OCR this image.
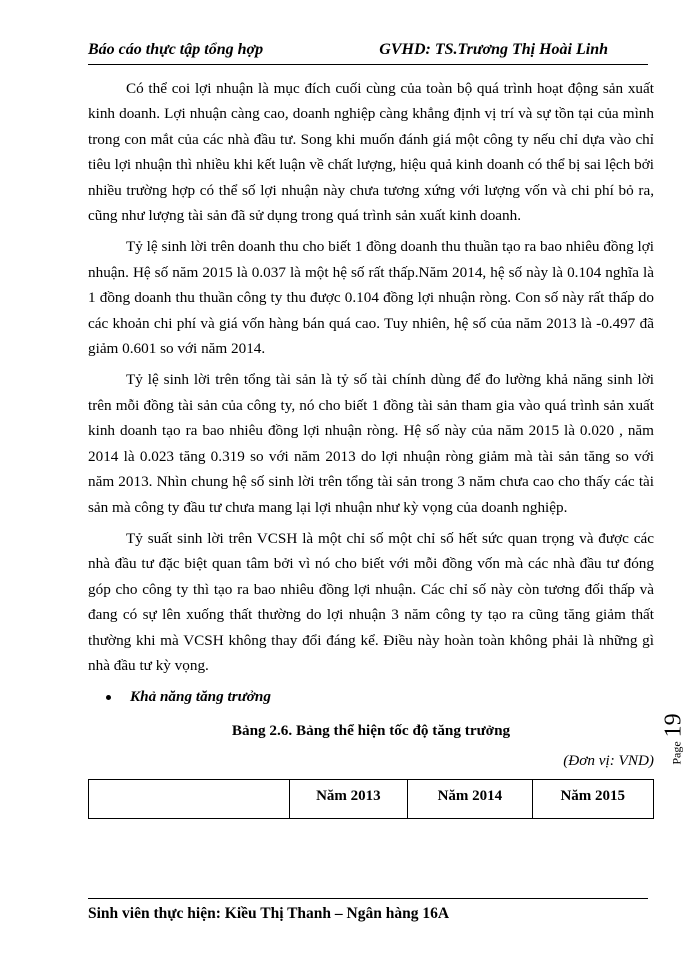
Báo cáo thực tập tổng hợp	GVHD: TS.Trương Thị Hoài Linh

Có thể coi lợi nhuận là mục đích cuối cùng của toàn bộ quá trình hoạt động sản xuất kinh doanh. Lợi nhuận càng cao, doanh nghiệp càng khẳng định vị trí và sự tồn tại của mình trong con mắt của các nhà đầu tư. Song khi muốn đánh giá một công ty nếu chỉ dựa vào chỉ tiêu lợi nhuận thì nhiều khi kết luận về chất lượng, hiệu quả kinh doanh có thể bị sai lệch bởi nhiều trường hợp có thể số lợi nhuận này chưa tương xứng với lượng vốn và chi phí bỏ ra, cũng như lượng tài sản đã sử dụng trong quá trình sản xuất kinh doanh.

Tỷ lệ sinh lời trên doanh thu cho biết 1 đồng doanh thu thuần tạo ra bao nhiêu đồng lợi nhuận. Hệ số năm 2015 là 0.037 là một hệ số rất thấp.Năm 2014, hệ số này là 0.104 nghĩa là 1 đồng doanh thu thuần công ty thu được 0.104 đồng lợi nhuận ròng. Con số này rất thấp do các khoản chi phí và giá vốn hàng bán quá cao. Tuy nhiên, hệ số của năm 2013 là -0.497 đã giảm 0.601 so với năm 2014.

Tỷ lệ sinh lời trên tổng tài sản là tỷ số tài chính dùng để đo lường khả năng sinh lời trên mỗi đồng tài sản của công ty, nó cho biết 1 đồng tài sản tham gia vào quá trình sản xuất kinh doanh tạo ra bao nhiêu đồng lợi nhuận ròng. Hệ số này của năm 2015 là 0.020 , năm 2014 là 0.023 tăng 0.319 so với năm 2013 do lợi nhuận ròng giảm mà tài sản tăng so với năm 2013. Nhìn chung hệ số sinh lời trên tổng tài sản trong 3 năm chưa cao cho thấy các tài sản mà công ty đầu tư chưa mang lại lợi nhuận như kỳ vọng của doanh nghiệp.

Tỷ suất sinh lời trên VCSH là một chỉ số một chỉ số hết sức quan trọng và được các nhà đầu tư đặc biệt quan tâm bởi vì nó cho biết với mỗi đồng vốn mà các nhà đầu tư đóng góp cho công ty thì tạo ra bao nhiêu đồng lợi nhuận. Các chỉ số này còn tương đối thấp và đang có sự lên xuống thất thường do lợi nhuận 3 năm công ty tạo ra cũng tăng giảm thất thường khi mà VCSH không thay đổi đáng kể. Điều này hoàn toàn không phải là những gì nhà đầu tư kỳ vọng.

Khả năng tăng trưởng
Bảng 2.6. Bảng thể hiện tốc độ tăng trưởng
(Đơn vị: VND)
	Năm 2013	Năm 2014	Năm 2015
Page 19
Sinh viên thực hiện: Kiều Thị Thanh – Ngân hàng 16A
